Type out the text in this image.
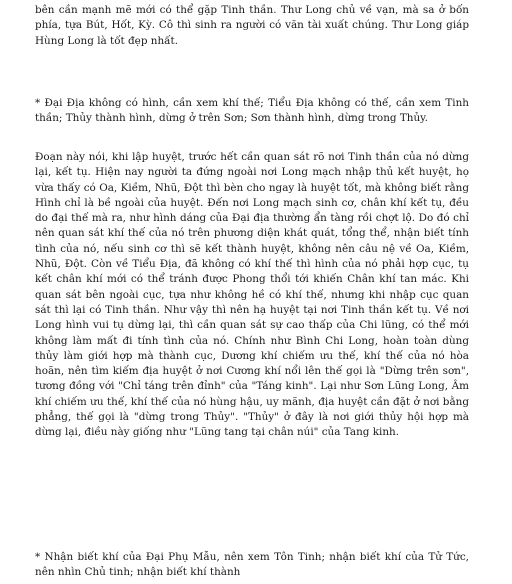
bên cần mạnh mẽ mới có thể gặp Tinh thần. Thư Long chủ về vạn, mà sa ở bốn phía, tựa Bút, Hốt, Kỳ. Cô thì sinh ra người có văn tài xuất chúng. Thư Long giáp Hùng Long là tốt đẹp nhất.

* Đại Địa không có hình, cần xem khí thế; Tiểu Địa không có thế, cần xem Tinh thần; Thủy thành hình, dừng ở trên Sơn; Sơn thành hình, dừng trong Thủy.

Đoạn này nói, khi lập huyệt, trước hết cần quan sát rõ nơi Tinh thần của nó dừng lại, kết tụ. Hiện nay người ta đứng ngoài nơi Long mạch nhập thủ kết huyệt, họ vừa thấy có Oa, Kiềm, Nhũ, Đột thì bèn cho ngay là huyệt tốt, mà không biết rằng Hình chỉ là bề ngoài của huyệt. Đến nơi Long mạch sinh cơ, chân khí kết tụ, đều do đại thế mà ra, như hình dáng của Đại địa thường ẩn tàng rồi chợt lộ. Do đó chỉ nên quan sát khí thế của nó trên phương diện khát quát, tổng thể, nhận biết tính tình của nó, nếu sinh cơ thì sẽ kết thành huyệt, không nên câu nệ về Oa, Kiềm, Nhũ, Đột. Còn về Tiểu Địa, đã không có khí thế thì hình của nó phải hợp cục, tụ kết chân khí mới có thể tránh được Phong thổi tới khiến Chân khí tan mác. Khi quan sát bên ngoài cục, tựa như không hề có khí thế, nhưng khi nhập cục quan sát thì lại có Tinh thần. Như vậy thì nên hạ huyệt tại nơi Tinh thần kết tụ. Về nơi Long hình vui tụ dừng lại, thì cần quan sát sự cao thấp của Chi lũng, có thể mới không làm mất đi tính tình của nó. Chính như Bình Chi Long, hoàn toàn dùng thủy làm giới hợp mà thành cục, Dương khí chiếm ưu thế, khí thế của nó hòa hoãn, nên tìm kiếm địa huyệt ở nơi Cương khí nổi lên thế gọi là "Dừng trên sơn", tương đồng với "Chỉ táng trên đỉnh" của "Táng kinh". Lại như Sơn Lũng Long, Âm khí chiếm ưu thế, khí thế của nó hùng hậu, uy mãnh, địa huyệt cần đặt ở nơi bằng phẳng, thế gọi là "dừng trong Thủy". "Thủy" ở đây là nơi giới thủy hội hợp mà dừng lại, điều này giống như "Lũng tang tại chân núi" của Tang kinh.

* Nhận biết khí của Đại Phụ Mẫu, nên xem Tôn Tinh; nhận biết khí của Tử Tức, nên nhìn Chủ tinh; nhận biết khí thành
